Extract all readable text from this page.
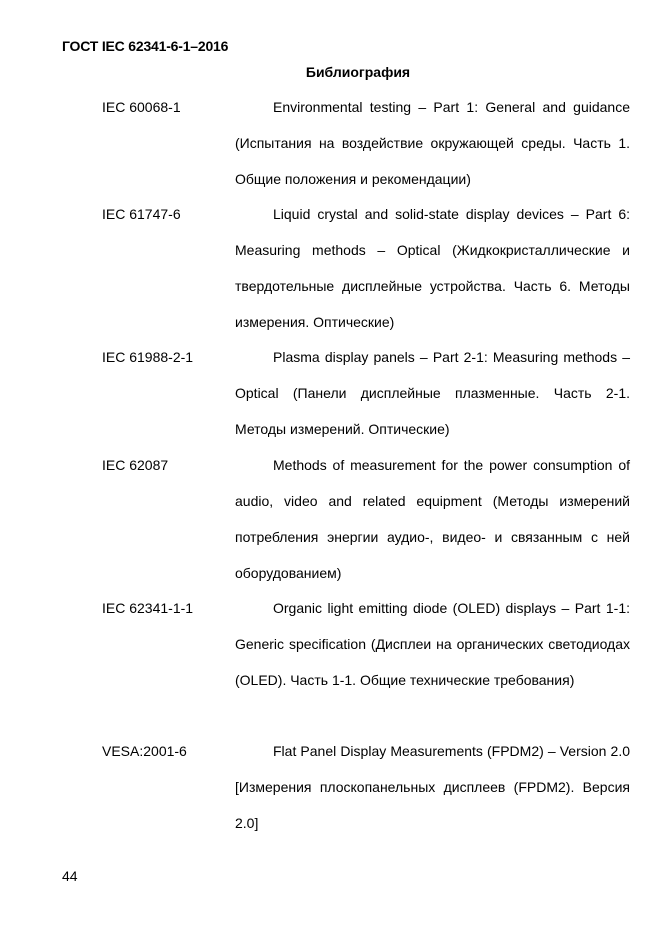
ГОСТ IEC 62341-6-1–2016
Библиография
IEC 60068-1	Environmental testing – Part 1: General and guidance (Испытания на воздействие окружающей среды. Часть 1. Общие положения и рекомендации)
IEC 61747-6	Liquid crystal and solid-state display devices – Part 6: Measuring methods – Optical (Жидкокристаллические и твердотельные дисплейные устройства. Часть 6. Методы измерения. Оптические)
IEC 61988-2-1	Plasma display panels – Part 2-1: Measuring methods – Optical (Панели дисплейные плазменные. Часть 2-1. Методы измерений. Оптические)
IEC 62087	Methods of measurement for the power consumption of audio, video and related equipment (Методы измерений потребления энергии аудио-, видео- и связанным с ней оборудованием)
IEC 62341-1-1	Organic light emitting diode (OLED) displays – Part 1-1: Generic specification (Дисплеи на органических светодиодах (OLED). Часть 1-1. Общие технические требования)
VESA:2001-6	Flat Panel Display Measurements (FPDM2) – Version 2.0 [Измерения плоскопанельных дисплеев (FPDM2). Версия 2.0]
44
